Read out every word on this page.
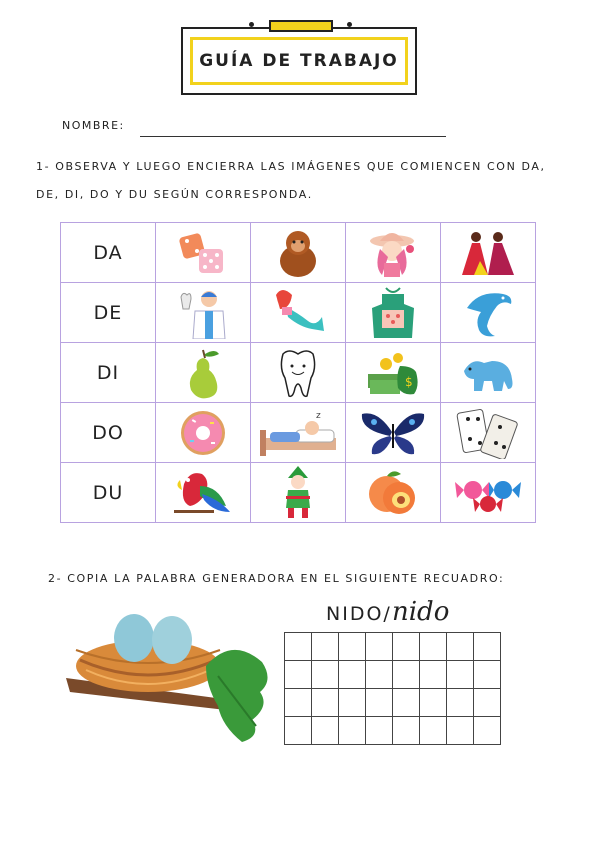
GUÍA DE TRABAJO
NOMBRE:
1- OBSERVA Y LUEGO ENCIERRA LAS IMÁGENES QUE COMIENCEN CON DA,
DE, DI, DO Y DU SEGÚN CORRESPONDA.
DA	

DE	

DI			$

DO		z

DU	

2- COPIA LA PALABRA GENERADORA EN EL SIGUIENTE RECUADRO:
NIDO/ nido
